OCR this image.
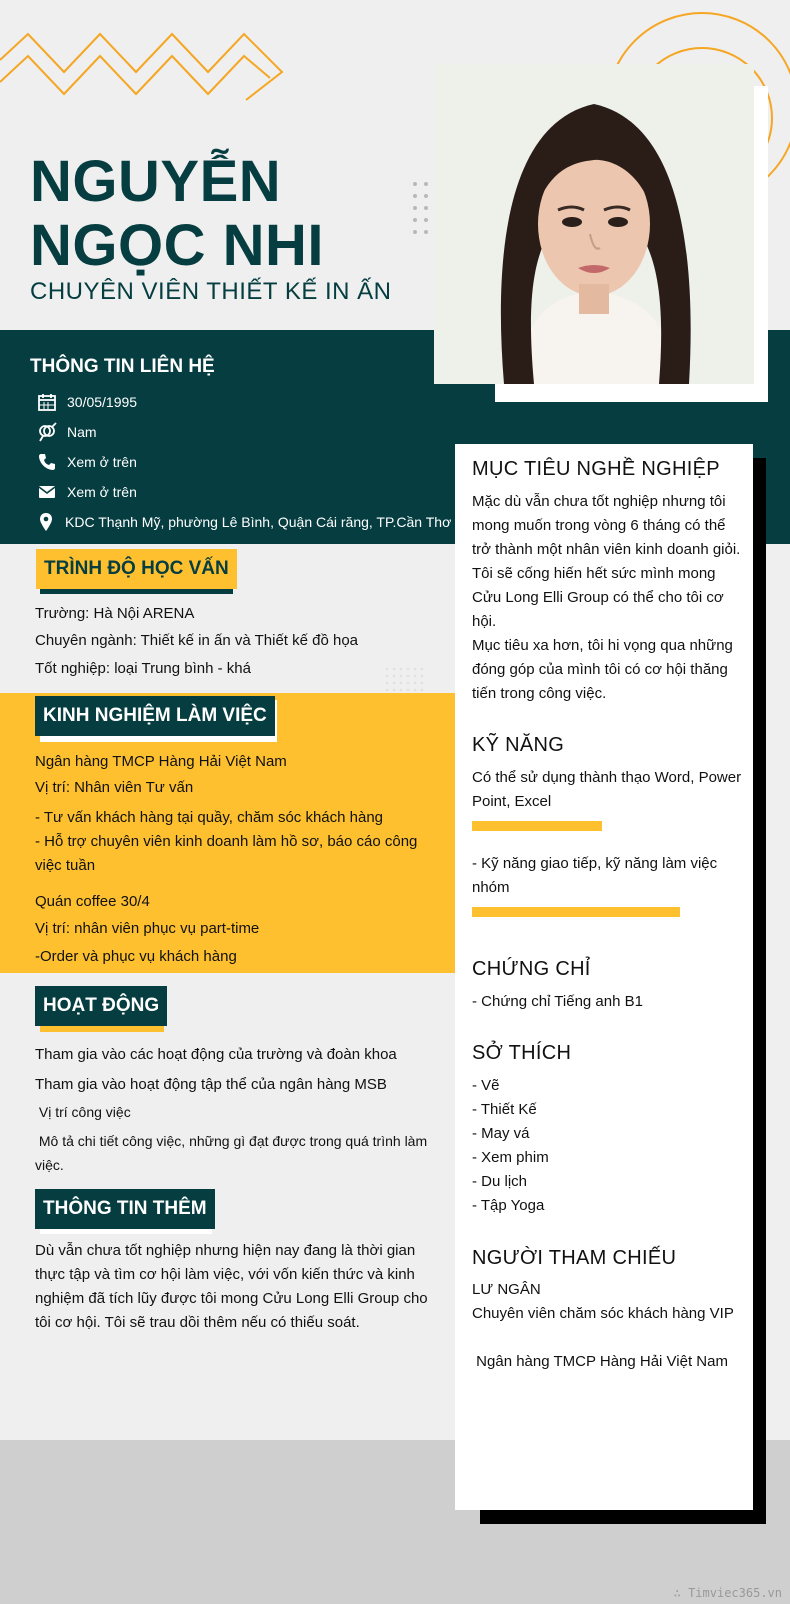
NGUYỄN
NGỌC NHI
CHUYÊN VIÊN THIẾT KẾ IN ẤN
THÔNG TIN LIÊN HỆ
30/05/1995
Nam
Xem ở trên
Xem ở trên
KDC Thạnh Mỹ, phường Lê Bình, Quận Cái răng, TP.Cần Thơ
TRÌNH ĐỘ HỌC VẤN
Trường: Hà Nội ARENA
Chuyên ngành: Thiết kế in ấn và Thiết kế đồ họa
Tốt nghiệp: loại Trung bình - khá
KINH NGHIỆM LÀM VIỆC
Ngân hàng TMCP Hàng Hải Việt Nam
Vị trí: Nhân viên Tư vấn
- Tư vấn khách hàng tại quầy, chăm sóc khách hàng
- Hỗ trợ chuyên viên kinh doanh làm hồ sơ, báo cáo công việc tuần
Quán coffee 30/4
Vị trí: nhân viên phục vụ part-time
-Order và phục vụ khách hàng
HOẠT ĐỘNG
Tham gia vào các hoạt động của trường và đoàn khoa
Tham gia vào hoạt động tập thể của ngân hàng MSB
Vị trí công việc
Mô tả chi tiết công việc, những gì đạt được trong quá trình làm việc.
THÔNG TIN THÊM
Dù vẫn chưa tốt nghiệp nhưng hiện nay đang là thời gian thực tập và tìm cơ hội làm việc, với vốn kiến thức và kinh nghiệm đã tích lũy được tôi mong Cửu Long Elli Group cho tôi cơ hội. Tôi sẽ trau dồi thêm nếu có thiếu soát.
MỤC TIÊU NGHỀ NGHIỆP
Mặc dù vẫn chưa tốt nghiệp nhưng tôi mong muốn trong vòng 6 tháng có thể trở thành một nhân viên kinh doanh giỏi. Tôi sẽ cống hiến hết sức mình mong Cửu Long Elli Group có thể cho tôi cơ hội.
Mục tiêu xa hơn, tôi hi vọng qua những đóng góp của mình tôi có cơ hội thăng tiến trong công việc.
KỸ NĂNG
Có thể sử dụng thành thạo Word, Power Point, Excel
- Kỹ năng giao tiếp, kỹ năng làm việc nhóm
CHỨNG CHỈ
- Chứng chỉ Tiếng anh B1
SỞ THÍCH
- Vẽ
- Thiết Kế
- May vá
- Xem phim
- Du lịch
- Tập Yoga
NGƯỜI THAM CHIẾU
LƯ NGÂN
Chuyên viên chăm sóc khách hàng VIP
Ngân hàng TMCP Hàng Hải Việt Nam
∴ Timviec365.vn
